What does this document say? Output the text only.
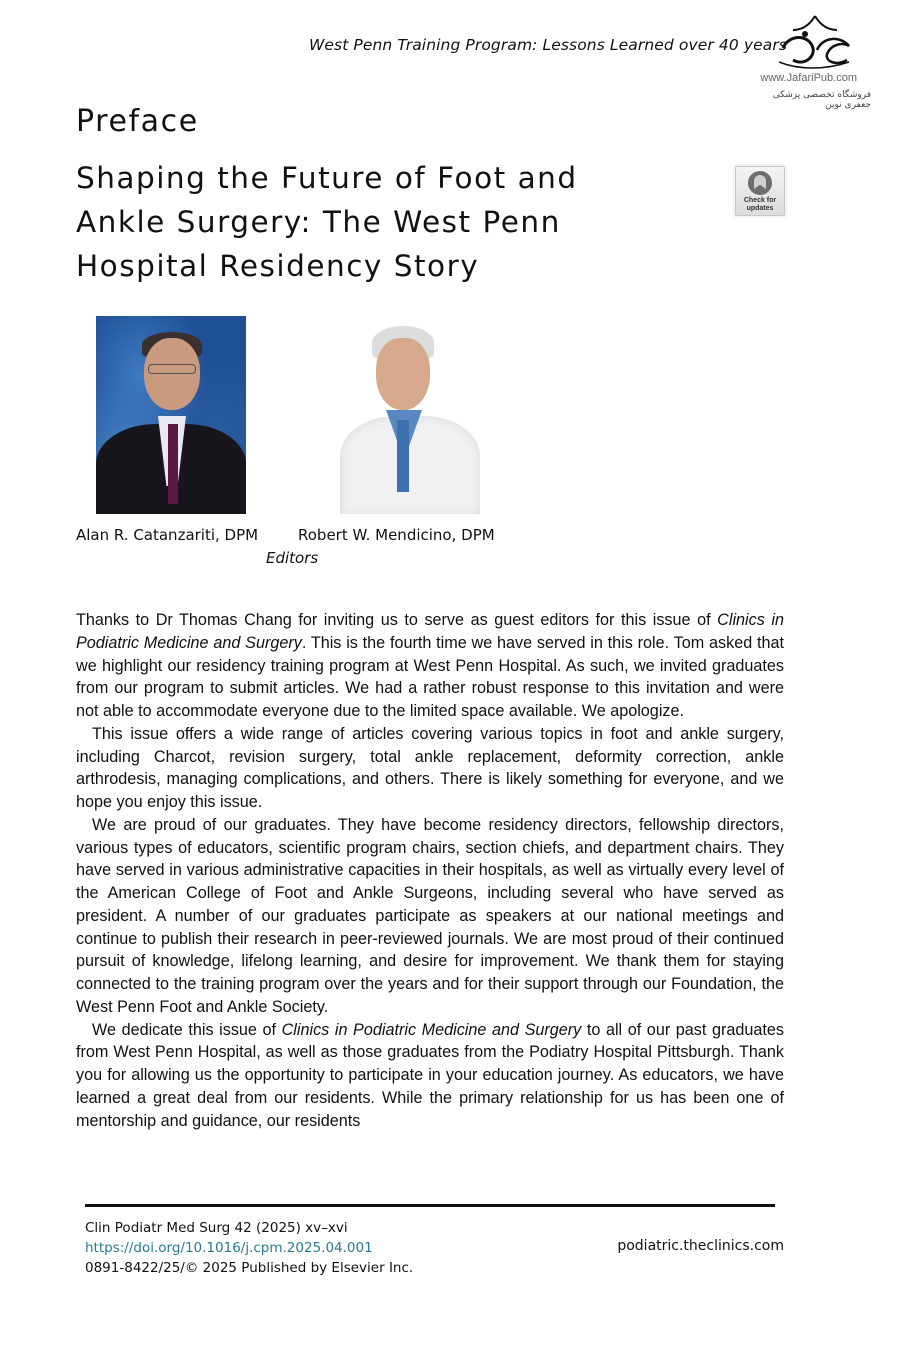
West Penn Training Program: Lessons Learned over 40 years
www.JafariPub.com
فروشگاه تخصصی پزشکی جعفری نوین
Preface
Shaping the Future of Foot and
Ankle Surgery: The West Penn
Hospital Residency Story
Check for updates
Alan R. Catanzariti, DPM	Robert W. Mendicino, DPM
Editors

Thanks to Dr Thomas Chang for inviting us to serve as guest editors for this issue of Clinics in Podiatric Medicine and Surgery. This is the fourth time we have served in this role. Tom asked that we highlight our residency training program at West Penn Hospital. As such, we invited graduates from our program to submit articles. We had a rather robust response to this invitation and were not able to accommodate everyone due to the limited space available. We apologize.

This issue offers a wide range of articles covering various topics in foot and ankle surgery, including Charcot, revision surgery, total ankle replacement, deformity correction, ankle arthrodesis, managing complications, and others. There is likely something for everyone, and we hope you enjoy this issue.

We are proud of our graduates. They have become residency directors, fellowship directors, various types of educators, scientific program chairs, section chiefs, and department chairs. They have served in various administrative capacities in their hospitals, as well as virtually every level of the American College of Foot and Ankle Surgeons, including several who have served as president. A number of our graduates participate as speakers at our national meetings and continue to publish their research in peer-reviewed journals. We are most proud of their continued pursuit of knowledge, lifelong learning, and desire for improvement. We thank them for staying connected to the training program over the years and for their support through our Foundation, the West Penn Foot and Ankle Society.

We dedicate this issue of Clinics in Podiatric Medicine and Surgery to all of our past graduates from West Penn Hospital, as well as those graduates from the Podiatry Hospital Pittsburgh. Thank you for allowing us the opportunity to participate in your education journey. As educators, we have learned a great deal from our residents. While the primary relationship for us has been one of mentorship and guidance, our residents

Clin Podiatr Med Surg 42 (2025) xv–xvi
https://doi.org/10.1016/j.cpm.2025.04.001
0891-8422/25/© 2025 Published by Elsevier Inc.
podiatric.theclinics.com
